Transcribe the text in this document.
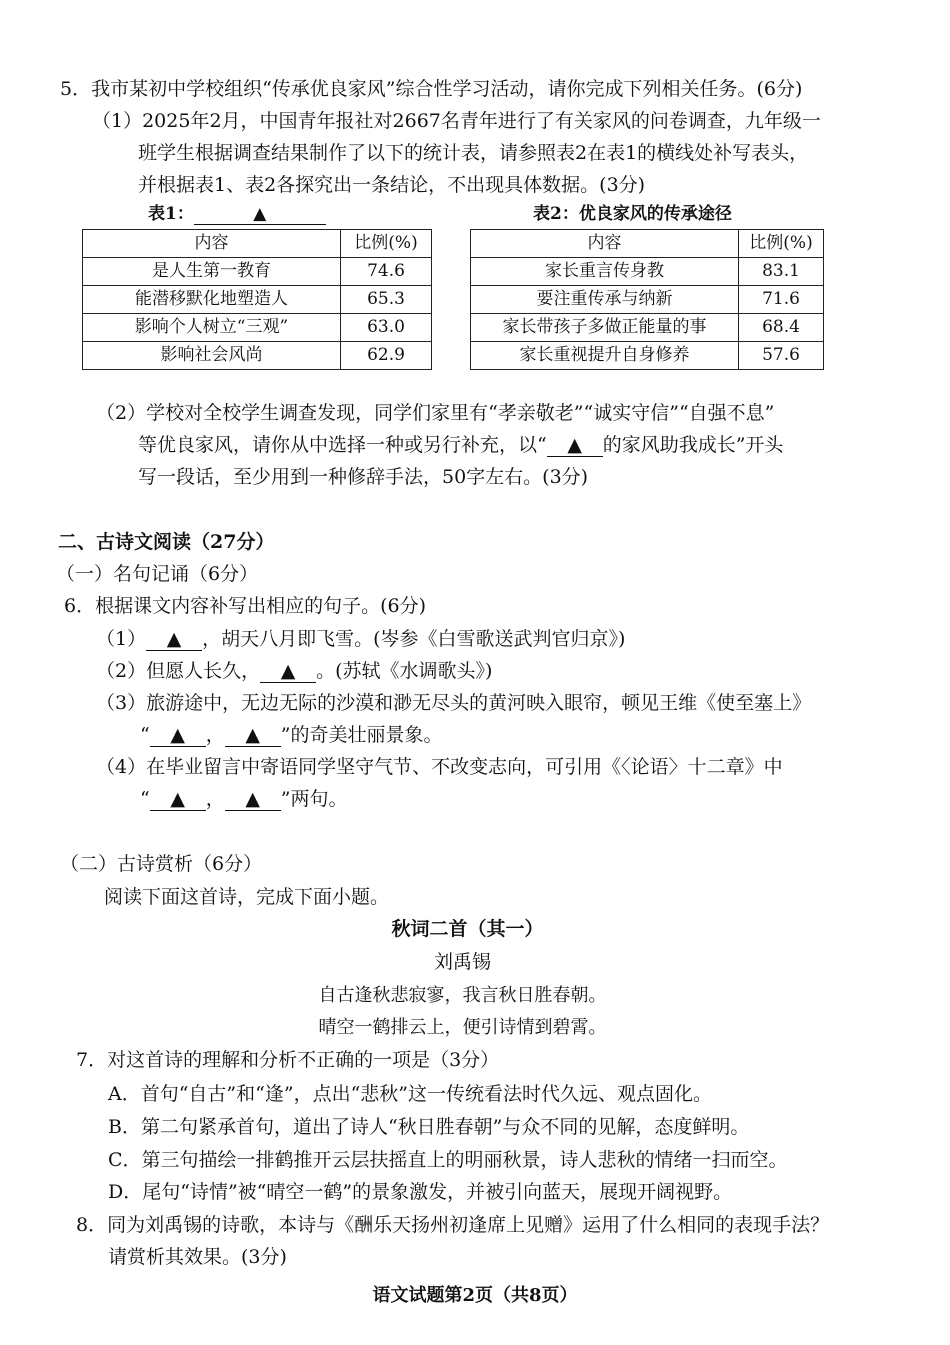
5．我市某初中学校组织“传承优良家风”综合性学习活动，请你完成下列相关任务。(6分)
（1）2025年2月，中国青年报社对2667名青年进行了有关家风的问卷调查，九年级一
班学生根据调查结果制作了以下的统计表，请参照表2在表1的横线处补写表头，
并根据表1、表2各探究出一条结论，不出现具体数据。(3分)
表1：	▲	表2：优良家风的传承途径
内容	比例(%)
是人生第一教育	74.6
能潜移默化地塑造人	65.3
影响个人树立“三观”	63.0
影响社会风尚	62.9
内容	比例(%)
家长重言传身教	83.1
要注重传承与纳新	71.6
家长带孩子多做正能量的事	68.4
家长重视提升自身修养	57.6
（2）学校对全校学生调查发现，同学们家里有“孝亲敬老”“诚实守信”“自强不息”
等优良家风，请你从中选择一种或另行补充，以“ ▲ 的家风助我成长”开头
写一段话，至少用到一种修辞手法，50字左右。(3分)
二、古诗文阅读（27分）
（一）名句记诵（6分）
6．根据课文内容补写出相应的句子。(6分)
（1） ▲ ，胡天八月即飞雪。(岑参《白雪歌送武判官归京》)
（2）但愿人长久， ▲ 。(苏轼《水调歌头》)
（3）旅游途中，无边无际的沙漠和渺无尽头的黄河映入眼帘，顿见王维《使至塞上》
“ ▲ ， ▲ ”的奇美壮丽景象。
（4）在毕业留言中寄语同学坚守气节、不改变志向，可引用《〈论语〉十二章》中
“ ▲ ， ▲ ”两句。
（二）古诗赏析（6分）
阅读下面这首诗，完成下面小题。
秋词二首（其一）
刘禹锡
自古逢秋悲寂寥，我言秋日胜春朝。
晴空一鹤排云上，便引诗情到碧霄。
7．对这首诗的理解和分析不正确的一项是（3分）
A．首句“自古”和“逢”，点出“悲秋”这一传统看法时代久远、观点固化。
B．第二句紧承首句，道出了诗人“秋日胜春朝”与众不同的见解，态度鲜明。
C．第三句描绘一排鹤推开云层扶摇直上的明丽秋景，诗人悲秋的情绪一扫而空。
D．尾句“诗情”被“晴空一鹤”的景象激发，并被引向蓝天，展现开阔视野。
8．同为刘禹锡的诗歌，本诗与《酬乐天扬州初逢席上见赠》运用了什么相同的表现手法？
请赏析其效果。(3分)
语文试题第2页（共8页）
